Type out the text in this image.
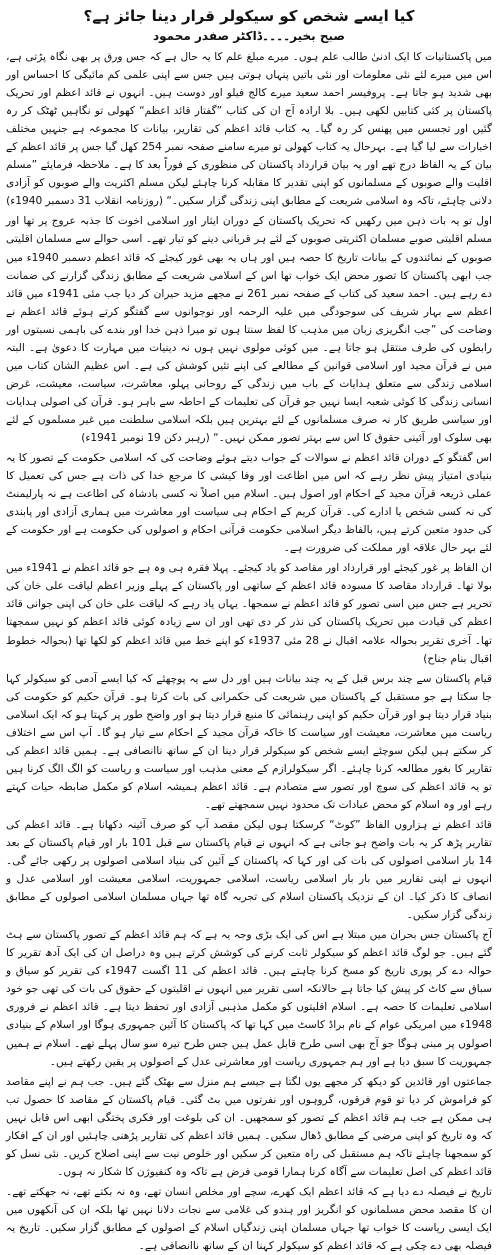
کیا ایسے شخص کو سیکولر قرار دینا جائز ہے؟
صبح بخیر۔۔۔۔ڈاکٹر صفدر محمود

میں پاکستانیات کا ایک ادنیٰ طالب علم ہوں۔ میرے مبلغ علم کا یہ حال ہے کہ جس ورق پر بھی نگاہ پڑتی ہے، اس میں میرے لئے نئی معلومات اور نئی باتیں پنہاں ہوتی ہیں جس سے اپنی علمی کم مائیگی کا احساس اور بھی شدید ہو جاتا ہے۔ پروفیسر احمد سعید میرے کالج فیلو اور دوست ہیں۔ انہوں نے قائد اعظم اور تحریک پاکستان پر کئی کتابیں لکھی ہیں۔ بلا ارادہ آج ان کی کتاب ”گفتار قائد اعظم“ کھولی تو نگاہیں ٹھٹک کر رہ گئیں اور تجسس میں پھنس کر رہ گیا۔ یہ کتاب قائد اعظم کی تقاریر، بیانات کا مجموعہ ہے جنہیں مختلف اخبارات سے لیا گیا ہے۔ بہرحال یہ کتاب کھولی تو میرے سامنے صفحہ نمبر 254 کھل گیا جس پر قائد اعظم کے بیان کے یہ الفاظ درج تھے اور یہ بیان قرارداد پاکستان کی منظوری کے فوراً بعد کا ہے۔ ملاحظہ فرمایئے ”مسلم اقلیت والے صوبوں کے مسلمانوں کو اپنی تقدیر کا مقابلہ کرنا چاہئے لیکن مسلم اکثریت والے صوبوں کو آزادی دلانی چاہئے، تاکہ وہ اسلامی شریعت کے مطابق اپنی زندگی گزار سکیں۔“ (روزنامہ انقلاب 31 دسمبر 1940ء)

اول تو یہ بات ذہن میں رکھیں کہ تحریک پاکستان کے دوران ایثار اور اسلامی اخوت کا جذبہ عروج پر تھا اور مسلم اقلیتی صوبے مسلمان اکثریتی صوبوں کے لئے ہر قربانی دینے کو تیار تھے۔ اسی حوالے سے مسلمان اقلیتی صوبوں کے نمائندوں کے بیانات تاریخ کا حصہ ہیں اور ہاں یہ بھی غور کیجئے کہ قائد اعظم دسمبر 1940ء میں جب ابھی پاکستان کا تصور محض ایک خواب تھا اس کے اسلامی شریعت کے مطابق زندگی گزارنے کی ضمانت دے رہے ہیں۔ احمد سعید کی کتاب کے صفحہ نمبر 261 نے مجھے مزید حیران کر دیا جب مئی 1941ء میں قائد اعظم سے بہار شریف کی سوجودگی میں علیہ الرحمہ اور نوجوانوں سے گفتگو کرتے ہوئے قائد اعظم نے وضاحت کی ”جب انگریزی زبان میں مذہب کا لفظ سنتا ہوں تو میرا ذہن خدا اور بندے کی باہمی نسبتوں اور رابطوں کی طرف منتقل ہو جاتا ہے۔ میں کوئی مولوی نہیں ہوں نہ دینیات میں مہارت کا دعویٰ ہے۔ البتہ میں نے قرآن مجید اور اسلامی قوانین کے مطالعے کی اپنے تئیں کوشش کی ہے۔ اس عظیم الشان کتاب میں اسلامی زندگی سے متعلق ہدایات کے باب میں زندگی کے روحانی پہلو، معاشرت، سیاست، معیشت، غرض انسانی زندگی کا کوئی شعبہ ایسا نہیں جو قرآن کی تعلیمات کے احاطہ سے باہر ہو۔ قرآن کی اصولی ہدایات اور سیاسی طریق کار نہ صرف مسلمانوں کے لئے بہترین ہیں بلکہ اسلامی سلطنت میں غیر مسلموں کے لئے بھی سلوک اور آئینی حقوق کا اس سے بہتر تصور ممکن نہیں۔“ (رہبر دکن 19 نومبر 1941ء)

اس گفتگو کے دوران قائد اعظم نے سوالات کے جواب دیتے ہوئے وضاحت کی کہ اسلامی حکومت کے تصور کا یہ بنیادی امتیاز پیش نظر رہے کہ اس میں اطاعت اور وفا کیشی کا مرجع خدا کی ذات ہے جس کی تعمیل کا عملی ذریعہ قرآن مجید کے احکام اور اصول ہیں۔ اسلام میں اصلاً نہ کسی بادشاہ کی اطاعت ہے نہ پارلیمنٹ کی نہ کسی شخص یا ادارے کی۔ قرآن کریم کے احکام ہی سیاست اور معاشرت میں ہماری آزادی اور پابندی کی حدود متعین کرتے ہیں، بالفاظ دیگر اسلامی حکومت قرآنی احکام و اصولوں کی حکومت ہے اور حکومت کے لئے بہر حال علاقہ اور مملکت کی ضرورت ہے۔

ان الفاظ پر غور کیجئے اور قرارداد اور مقاصد کو یاد کیجئے۔ پہلا فقرہ ہی وہ ہے جو قائد اعظم نے 1941ء میں بولا تھا۔ قرارداد مقاصد کا مسودہ قائد اعظم کے ساتھی اور پاکستان کے پہلے وزیر اعظم لیاقت علی خان کی تحریر ہے جس میں اسی تصور کو قائد اعظم نے سمجھا۔ یہاں یاد رہے کہ لیاقت علی خان کی اپنی جوانی قائد اعظم کی قیادت میں تحریک پاکستان کی نذر کر دی تھی اور ان سے زیادہ کوئی قائد اعظم کو نہیں سمجھتا تھا۔ آخری تقریر بحوالہ علامہ اقبال نے 28 مئی 1937ء کو اپنے خط میں قائد اعظم کو لکھا تھا (بحوالہ خطوط اقبال بنام جناح)

قیام پاکستان سے چند برس قبل کے یہ چند بیانات ہیں اور دل سے یہ پوچھئے کہ کیا ایسے آدمی کو سیکولر کہا جا سکتا ہے جو مستقبل کے پاکستان میں شریعت کی حکمرانی کی بات کرتا ہو۔ قرآن حکیم کو حکومت کی بنیاد قرار دیتا ہو اور قرآن حکیم کو اپنی رہنمائی کا منبع قرار دیتا ہو اور واضح طور پر کہتا ہو کہ ایک اسلامی ریاست میں معاشرت، معیشت اور سیاست کا خاکہ قرآن مجید کے احکام سے تیار ہو گا۔ آپ اس سے اختلاف کر سکتے ہیں لیکن سوچئے ایسے شخص کو سیکولر قرار دینا ان کے ساتھ ناانصافی ہے۔ ہمیں قائد اعظم کی تقاریر کا بغور مطالعہ کرنا چاہئے۔ اگر سیکولرازم کے معنی مذہب اور سیاست و ریاست کو الگ الگ کرنا ہیں تو یہ قائد اعظم کی سوچ اور تصور سے متصادم ہے۔ قائد اعظم ہمیشہ اسلام کو مکمل ضابطہ حیات کہتے رہے اور وہ اسلام کو محض عبادات تک محدود نہیں سمجھتے تھے۔

قائد اعظم نے ہزاروں الفاظ ”کوٹ“ کرسکتا ہوں لیکن مقصد آپ کو صرف آئینہ دکھانا ہے۔ قائد اعظم کی تقاریر پڑھ کر یہ بات واضح ہو جاتی ہے کہ انہوں نے قیام پاکستان سے قبل 101 بار اور قیام پاکستان کے بعد 14 بار اسلامی اصولوں کی بات کی اور کہا کہ پاکستان کے آئین کی بنیاد اسلامی اصولوں پر رکھی جائے گی۔ انہوں نے اپنی تقاریر میں بار بار اسلامی ریاست، اسلامی جمہوریت، اسلامی معیشت اور اسلامی عدل و انصاف کا ذکر کیا۔ ان کے نزدیک پاکستان اسلام کی تجربہ گاہ تھا جہاں مسلمان اسلامی اصولوں کے مطابق زندگی گزار سکیں۔

آج پاکستان جس بحران میں مبتلا ہے اس کی ایک بڑی وجہ یہ ہے کہ ہم قائد اعظم کے تصور پاکستان سے ہٹ گئے ہیں۔ جو لوگ قائد اعظم کو سیکولر ثابت کرنے کی کوشش کرتے ہیں وہ دراصل ان کی ایک آدھ تقریر کا حوالہ دے کر پوری تاریخ کو مسخ کرنا چاہتے ہیں۔ قائد اعظم کی 11 اگست 1947ء کی تقریر کو سیاق و سباق سے کاٹ کر پیش کیا جاتا ہے حالانکہ اسی تقریر میں انہوں نے اقلیتوں کے حقوق کی بات کی تھی جو خود اسلامی تعلیمات کا حصہ ہے۔ اسلام اقلیتوں کو مکمل مذہبی آزادی اور تحفظ دیتا ہے۔ قائد اعظم نے فروری 1948ء میں امریکی عوام کے نام براڈ کاسٹ میں کہا تھا کہ پاکستان کا آئین جمہوری ہوگا اور اسلام کے بنیادی اصولوں پر مبنی ہوگا جو آج بھی اسی طرح قابل عمل ہیں جس طرح تیرہ سو سال پہلے تھے۔ اسلام نے ہمیں جمہوریت کا سبق دیا ہے اور ہم جمہوری ریاست اور معاشرتی عدل کے اصولوں پر یقین رکھتے ہیں۔

جماعتوں اور قائدین کو دیکھ کر مجھے یوں لگتا ہے جیسے ہم منزل سے بھٹک گئے ہیں۔ جب ہم نے اپنے مقاصد کو فراموش کر دیا تو قوم فرقوں، گروہوں اور نفرتوں میں بٹ گئی۔ قیام پاکستان کے مقاصد کا حصول تب ہی ممکن ہے جب ہم قائد اعظم کے تصور کو سمجھیں۔ ان کی بلوغت اور فکری پختگی ابھی اس قابل نہیں کہ وہ تاریخ کو اپنی مرضی کے مطابق ڈھال سکیں۔ ہمیں قائد اعظم کی تقاریر پڑھنی چاہئیں اور ان کے افکار کو سمجھنا چاہئے تاکہ ہم مستقبل کی راہ متعین کر سکیں اور خلوص نیت سے اپنی اصلاح کریں۔ نئی نسل کو قائد اعظم کی اصل تعلیمات سے آگاہ کرنا ہمارا قومی فرض ہے تاکہ وہ کنفیوژن کا شکار نہ ہوں۔

تاریخ نے فیصلہ دے دیا ہے کہ قائد اعظم ایک کھرے، سچے اور مخلص انسان تھے، وہ نہ بکتے تھے، نہ جھکتے تھے۔ ان کا مقصد محض مسلمانوں کو انگریز اور ہندو کی غلامی سے نجات دلانا نہیں تھا بلکہ ان کی آنکھوں میں ایک ایسی ریاست کا خواب تھا جہاں مسلمان اپنی زندگیاں اسلام کے اصولوں کے مطابق گزار سکیں۔ تاریخ یہ فیصلہ بھی دے چکی ہے کہ قائد اعظم کو سیکولر کہنا ان کے ساتھ ناانصافی ہے۔
